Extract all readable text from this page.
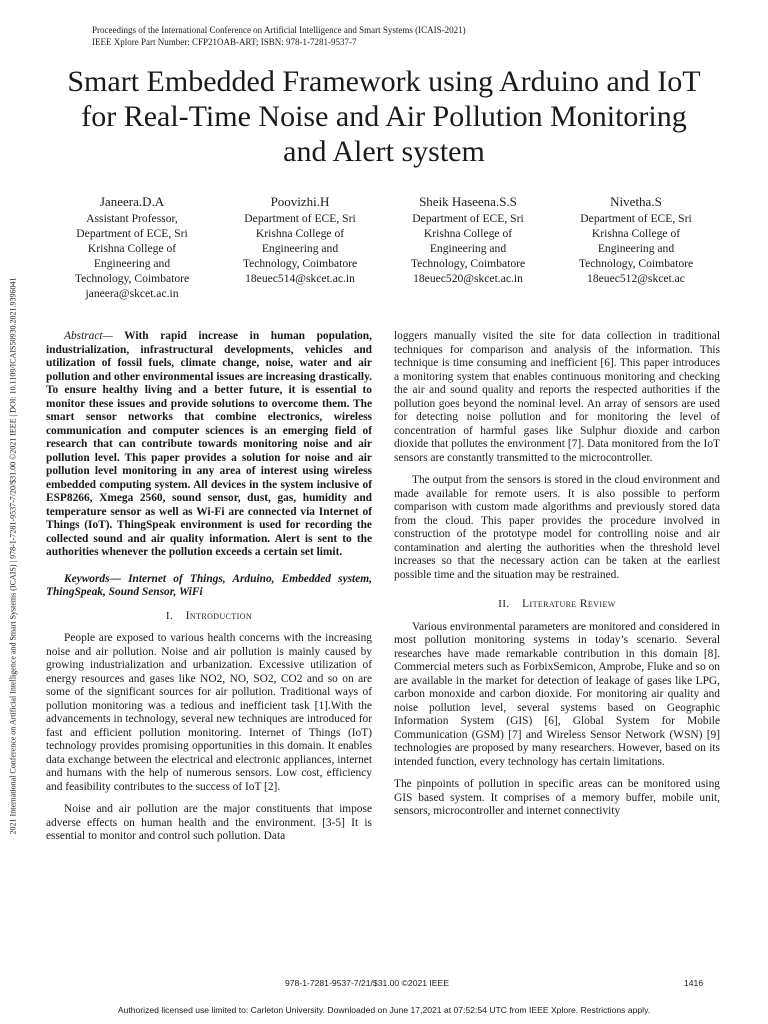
Proceedings of the International Conference on Artificial Intelligence and Smart Systems (ICAIS-2021)
IEEE Xplore Part Number: CFP21OAB-ART; ISBN: 978-1-7281-9537-7
2021 International Conference on Artificial Intelligence and Smart Systems (ICAIS) | 978-1-7281-9537-7/20/$31.00 ©2021 IEEE | DOI: 10.1109/ICAIS50930.2021.9396041
Smart Embedded Framework using Arduino and IoT
for Real-Time Noise and Air Pollution Monitoring
and Alert system
Janeera.D.A
Assistant Professor,
Department of ECE, Sri
Krishna College of
Engineering and
Technology, Coimbatore
janeera@skcet.ac.in
Poovizhi.H
Department of ECE, Sri
Krishna College of
Engineering and
Technology, Coimbatore
18euec514@skcet.ac.in
Sheik Haseena.S.S
Department of ECE, Sri
Krishna College of
Engineering and
Technology, Coimbatore
18euec520@skcet.ac.in
Nivetha.S
Department of ECE, Sri
Krishna College of
Engineering and
Technology, Coimbatore
18euec512@skcet.ac

Abstract— With rapid increase in human population, industrialization, infrastructural developments, vehicles and utilization of fossil fuels, climate change, noise, water and air pollution and other environmental issues are increasing drastically. To ensure healthy living and a better future, it is essential to monitor these issues and provide solutions to overcome them. The smart sensor networks that combine electronics, wireless communication and computer sciences is an emerging field of research that can contribute towards monitoring noise and air pollution level. This paper provides a solution for noise and air pollution level monitoring in any area of interest using wireless embedded computing system. All devices in the system inclusive of ESP8266, Xmega 2560, sound sensor, dust, gas, humidity and temperature sensor as well as Wi-Fi are connected via Internet of Things (IoT). ThingSpeak environment is used for recording the collected sound and air quality information. Alert is sent to the authorities whenever the pollution exceeds a certain set limit.

Keywords— Internet of Things, Arduino, Embedded system, ThingSpeak, Sound Sensor, WiFi

I. Introduction

People are exposed to various health concerns with the increasing noise and air pollution. Noise and air pollution is mainly caused by growing industrialization and urbanization. Excessive utilization of energy resources and gases like NO2, NO, SO2, CO2 and so on are some of the significant sources for air pollution. Traditional ways of pollution monitoring was a tedious and inefficient task [1].With the advancements in technology, several new techniques are introduced for fast and efficient pollution monitoring. Internet of Things (IoT) technology provides promising opportunities in this domain. It enables data exchange between the electrical and electronic appliances, internet and humans with the help of numerous sensors. Low cost, efficiency and feasibility contributes to the success of IoT [2].

Noise and air pollution are the major constituents that impose adverse effects on human health and the environment. [3-5] It is essential to monitor and control such pollution. Data

loggers manually visited the site for data collection in traditional techniques for comparison and analysis of the information. This technique is time consuming and inefficient [6]. This paper introduces a monitoring system that enables continuous monitoring and checking the air and sound quality and reports the respected authorities if the pollution goes beyond the nominal level. An array of sensors are used for detecting noise pollution and for monitoring the level of concentration of harmful gases like Sulphur dioxide and carbon dioxide that pollutes the environment [7]. Data monitored from the IoT sensors are constantly transmitted to the microcontroller.

The output from the sensors is stored in the cloud environment and made available for remote users. It is also possible to perform comparison with custom made algorithms and previously stored data from the cloud. This paper provides the procedure involved in construction of the prototype model for controlling noise and air contamination and alerting the authorities when the threshold level increases so that the necessary action can be taken at the earliest possible time and the situation may be restrained.

II. Literature Review

Various environmental parameters are monitored and considered in most pollution monitoring systems in today’s scenario. Several researches have made remarkable contribution in this domain [8]. Commercial meters such as ForbixSemicon, Amprobe, Fluke and so on are available in the market for detection of leakage of gases like LPG, carbon monoxide and carbon dioxide. For monitoring air quality and noise pollution level, several systems based on Geographic Information System (GIS) [6], Global System for Mobile Communication (GSM) [7] and Wireless Sensor Network (WSN) [9] technologies are proposed by many researchers. However, based on its intended function, every technology has certain limitations.

The pinpoints of pollution in specific areas can be monitored using GIS based system. It comprises of a memory buffer, mobile unit, sensors, microcontroller and internet connectivity

978-1-7281-9537-7/21/$31.00 ©2021 IEEE	1416
Authorized licensed use limited to: Carleton University. Downloaded on June 17,2021 at 07:52:54 UTC from IEEE Xplore. Restrictions apply.
